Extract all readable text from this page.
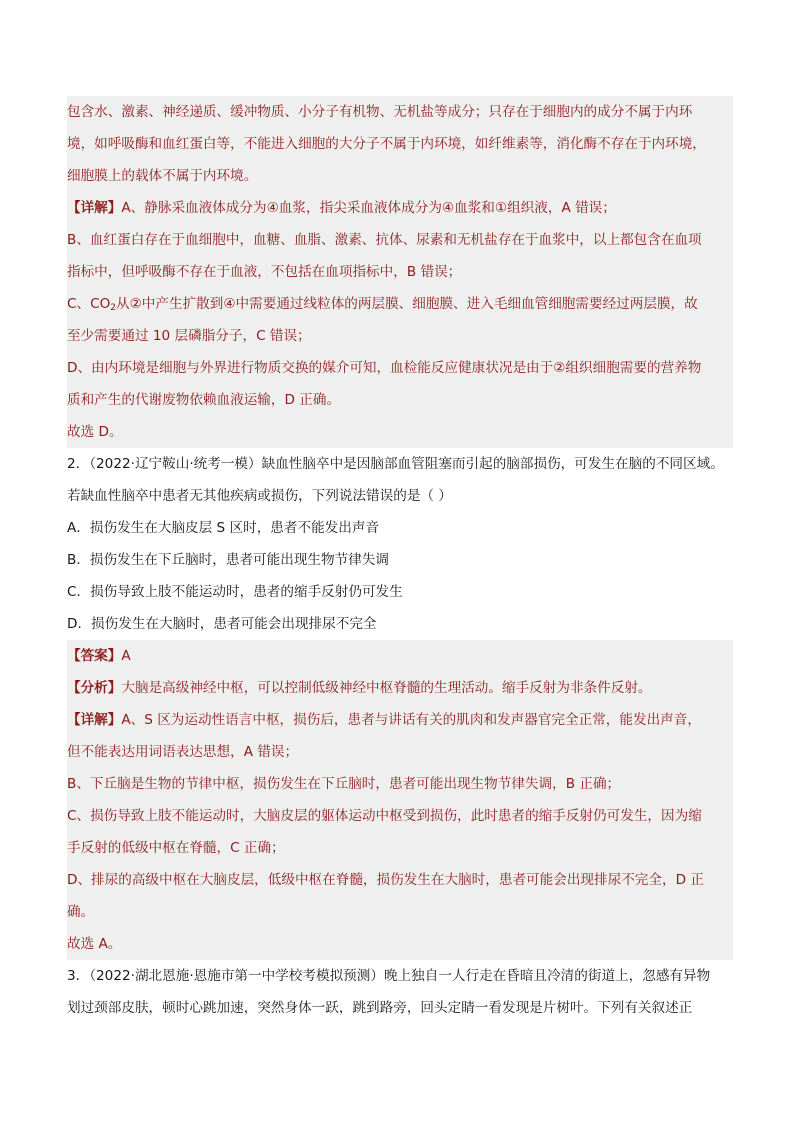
包含水、激素、神经递质、缓冲物质、小分子有机物、无机盐等成分；只存在于细胞内的成分不属于内环
境，如呼吸酶和血红蛋白等，不能进入细胞的大分子不属于内环境，如纤维素等，消化酶不存在于内环境，
细胞膜上的载体不属于内环境。
【详解】A、静脉采血液体成分为④血浆，指尖采血液体成分为④血浆和①组织液，A 错误；
B、血红蛋白存在于血细胞中，血糖、血脂、激素、抗体、尿素和无机盐存在于血浆中，以上都包含在血项
指标中，但呼吸酶不存在于血液，不包括在血项指标中，B 错误；
C、$CO_2$从②中产生扩散到④中需要通过线粒体的两层膜、细胞膜、进入毛细血管细胞需要经过两层膜，故
至少需要通过 10 层磷脂分子，C 错误；
D、由内环境是细胞与外界进行物质交换的媒介可知，血检能反应健康状况是由于②组织细胞需要的营养物
质和产生的代谢废物依赖血液运输，D 正确。
故选 D。
2．（2022·辽宁鞍山·统考一模）缺血性脑卒中是因脑部血管阻塞而引起的脑部损伤，可发生在脑的不同区域。
若缺血性脑卒中患者无其他疾病或损伤，下列说法错误的是（ ）
A．损伤发生在大脑皮层 S 区时，患者不能发出声音
B．损伤发生在下丘脑时，患者可能出现生物节律失调
C．损伤导致上肢不能运动时，患者的缩手反射仍可发生
D．损伤发生在大脑时，患者可能会出现排尿不完全
【答案】A
【分析】大脑是高级神经中枢，可以控制低级神经中枢脊髓的生理活动。缩手反射为非条件反射。
【详解】A、S 区为运动性语言中枢，损伤后，患者与讲话有关的肌肉和发声器官完全正常，能发出声音，
但不能表达用词语表达思想，A 错误；
B、下丘脑是生物的节律中枢，损伤发生在下丘脑时，患者可能出现生物节律失调，B 正确；
C、损伤导致上肢不能运动时，大脑皮层的躯体运动中枢受到损伤，此时患者的缩手反射仍可发生，因为缩
手反射的低级中枢在脊髓，C 正确；
D、排尿的高级中枢在大脑皮层，低级中枢在脊髓，损伤发生在大脑时，患者可能会出现排尿不完全，D 正
确。
故选 A。
3．（2022·湖北恩施·恩施市第一中学校考模拟预测）晚上独自一人行走在昏暗且冷清的街道上，忽感有异物
划过颈部皮肤，顿时心跳加速，突然身体一跃，跳到路旁，回头定睛一看发现是片树叶。下列有关叙述正
